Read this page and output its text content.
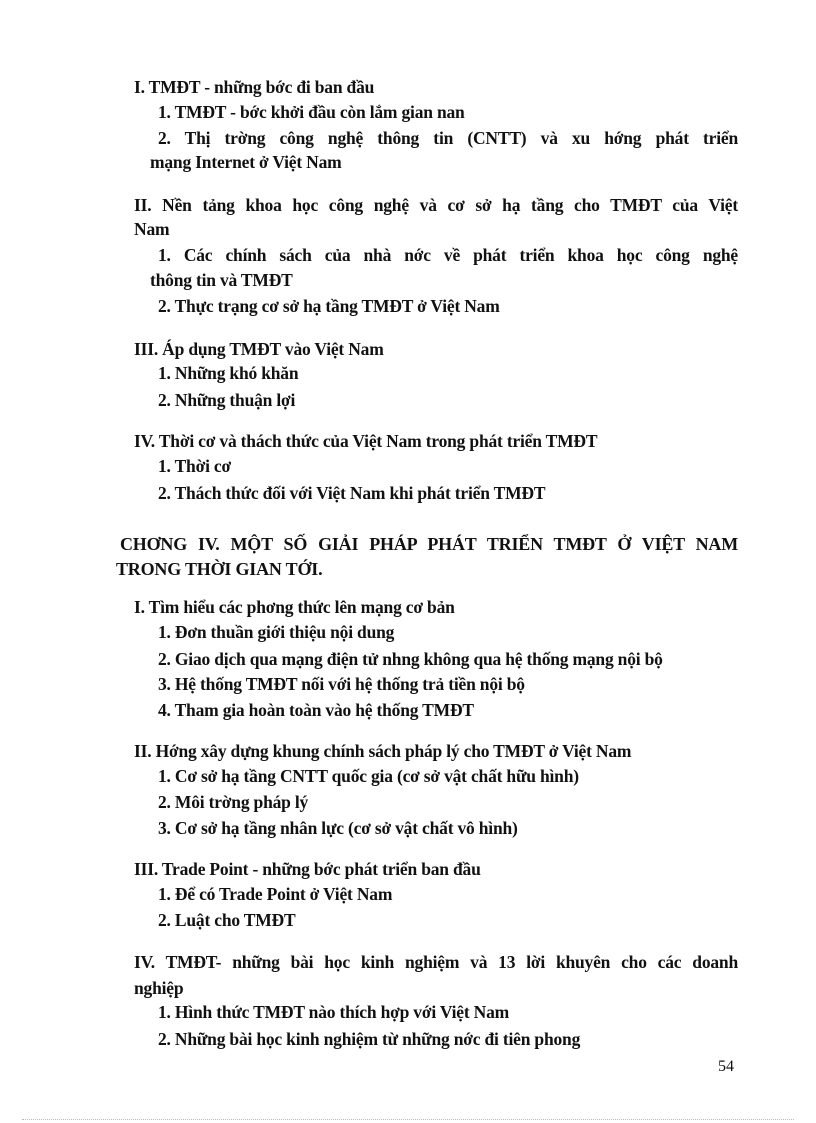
I. TMĐT - những bớc đi ban đầu
1. TMĐT - bớc khởi đầu còn lắm gian nan
2. Thị trờng công nghệ thông tin (CNTT) và xu hớng phát triển
mạng Internet ở Việt Nam
II. Nền tảng khoa học công nghệ và cơ sở hạ tầng cho TMĐT của Việt
Nam
1. Các chính sách của nhà nớc về phát triển khoa học công nghệ
thông tin và TMĐT
2. Thực trạng cơ sở hạ tầng TMĐT ở Việt Nam
III. Áp dụng TMĐT vào Việt Nam
1. Những khó khăn
2. Những thuận lợi
IV. Thời cơ và thách thức của Việt Nam trong phát triển TMĐT
1. Thời cơ
2. Thách thức đối với Việt Nam khi phát triển TMĐT
CHƠNG IV. MỘT SỐ GIẢI PHÁP PHÁT TRIỂN TMĐT Ở VIỆT NAM
TRONG THỜI GIAN TỚI.
I. Tìm hiểu các phơng thức lên mạng cơ bản
1. Đơn thuần giới thiệu nội dung
2. Giao dịch qua mạng điện tử nhng không qua hệ thống mạng nội bộ
3. Hệ thống TMĐT nối với hệ thống trả tiền nội bộ
4. Tham gia hoàn toàn vào hệ thống TMĐT
II. Hớng xây dựng khung chính sách pháp lý cho TMĐT ở Việt Nam
1. Cơ sở hạ tầng CNTT quốc gia (cơ sở vật chất hữu hình)
2. Môi trờng pháp lý
3. Cơ sở hạ tầng nhân lực (cơ sở vật chất vô hình)
III. Trade Point - những bớc phát triển ban đầu
1. Để có Trade Point ở Việt Nam
2. Luật cho TMĐT
IV. TMĐT- những bài học kinh nghiệm và 13 lời khuyên cho các doanh
nghiệp
1. Hình thức TMĐT nào thích hợp với Việt Nam
2. Những bài học kinh nghiệm từ những nớc đi tiên phong
54
